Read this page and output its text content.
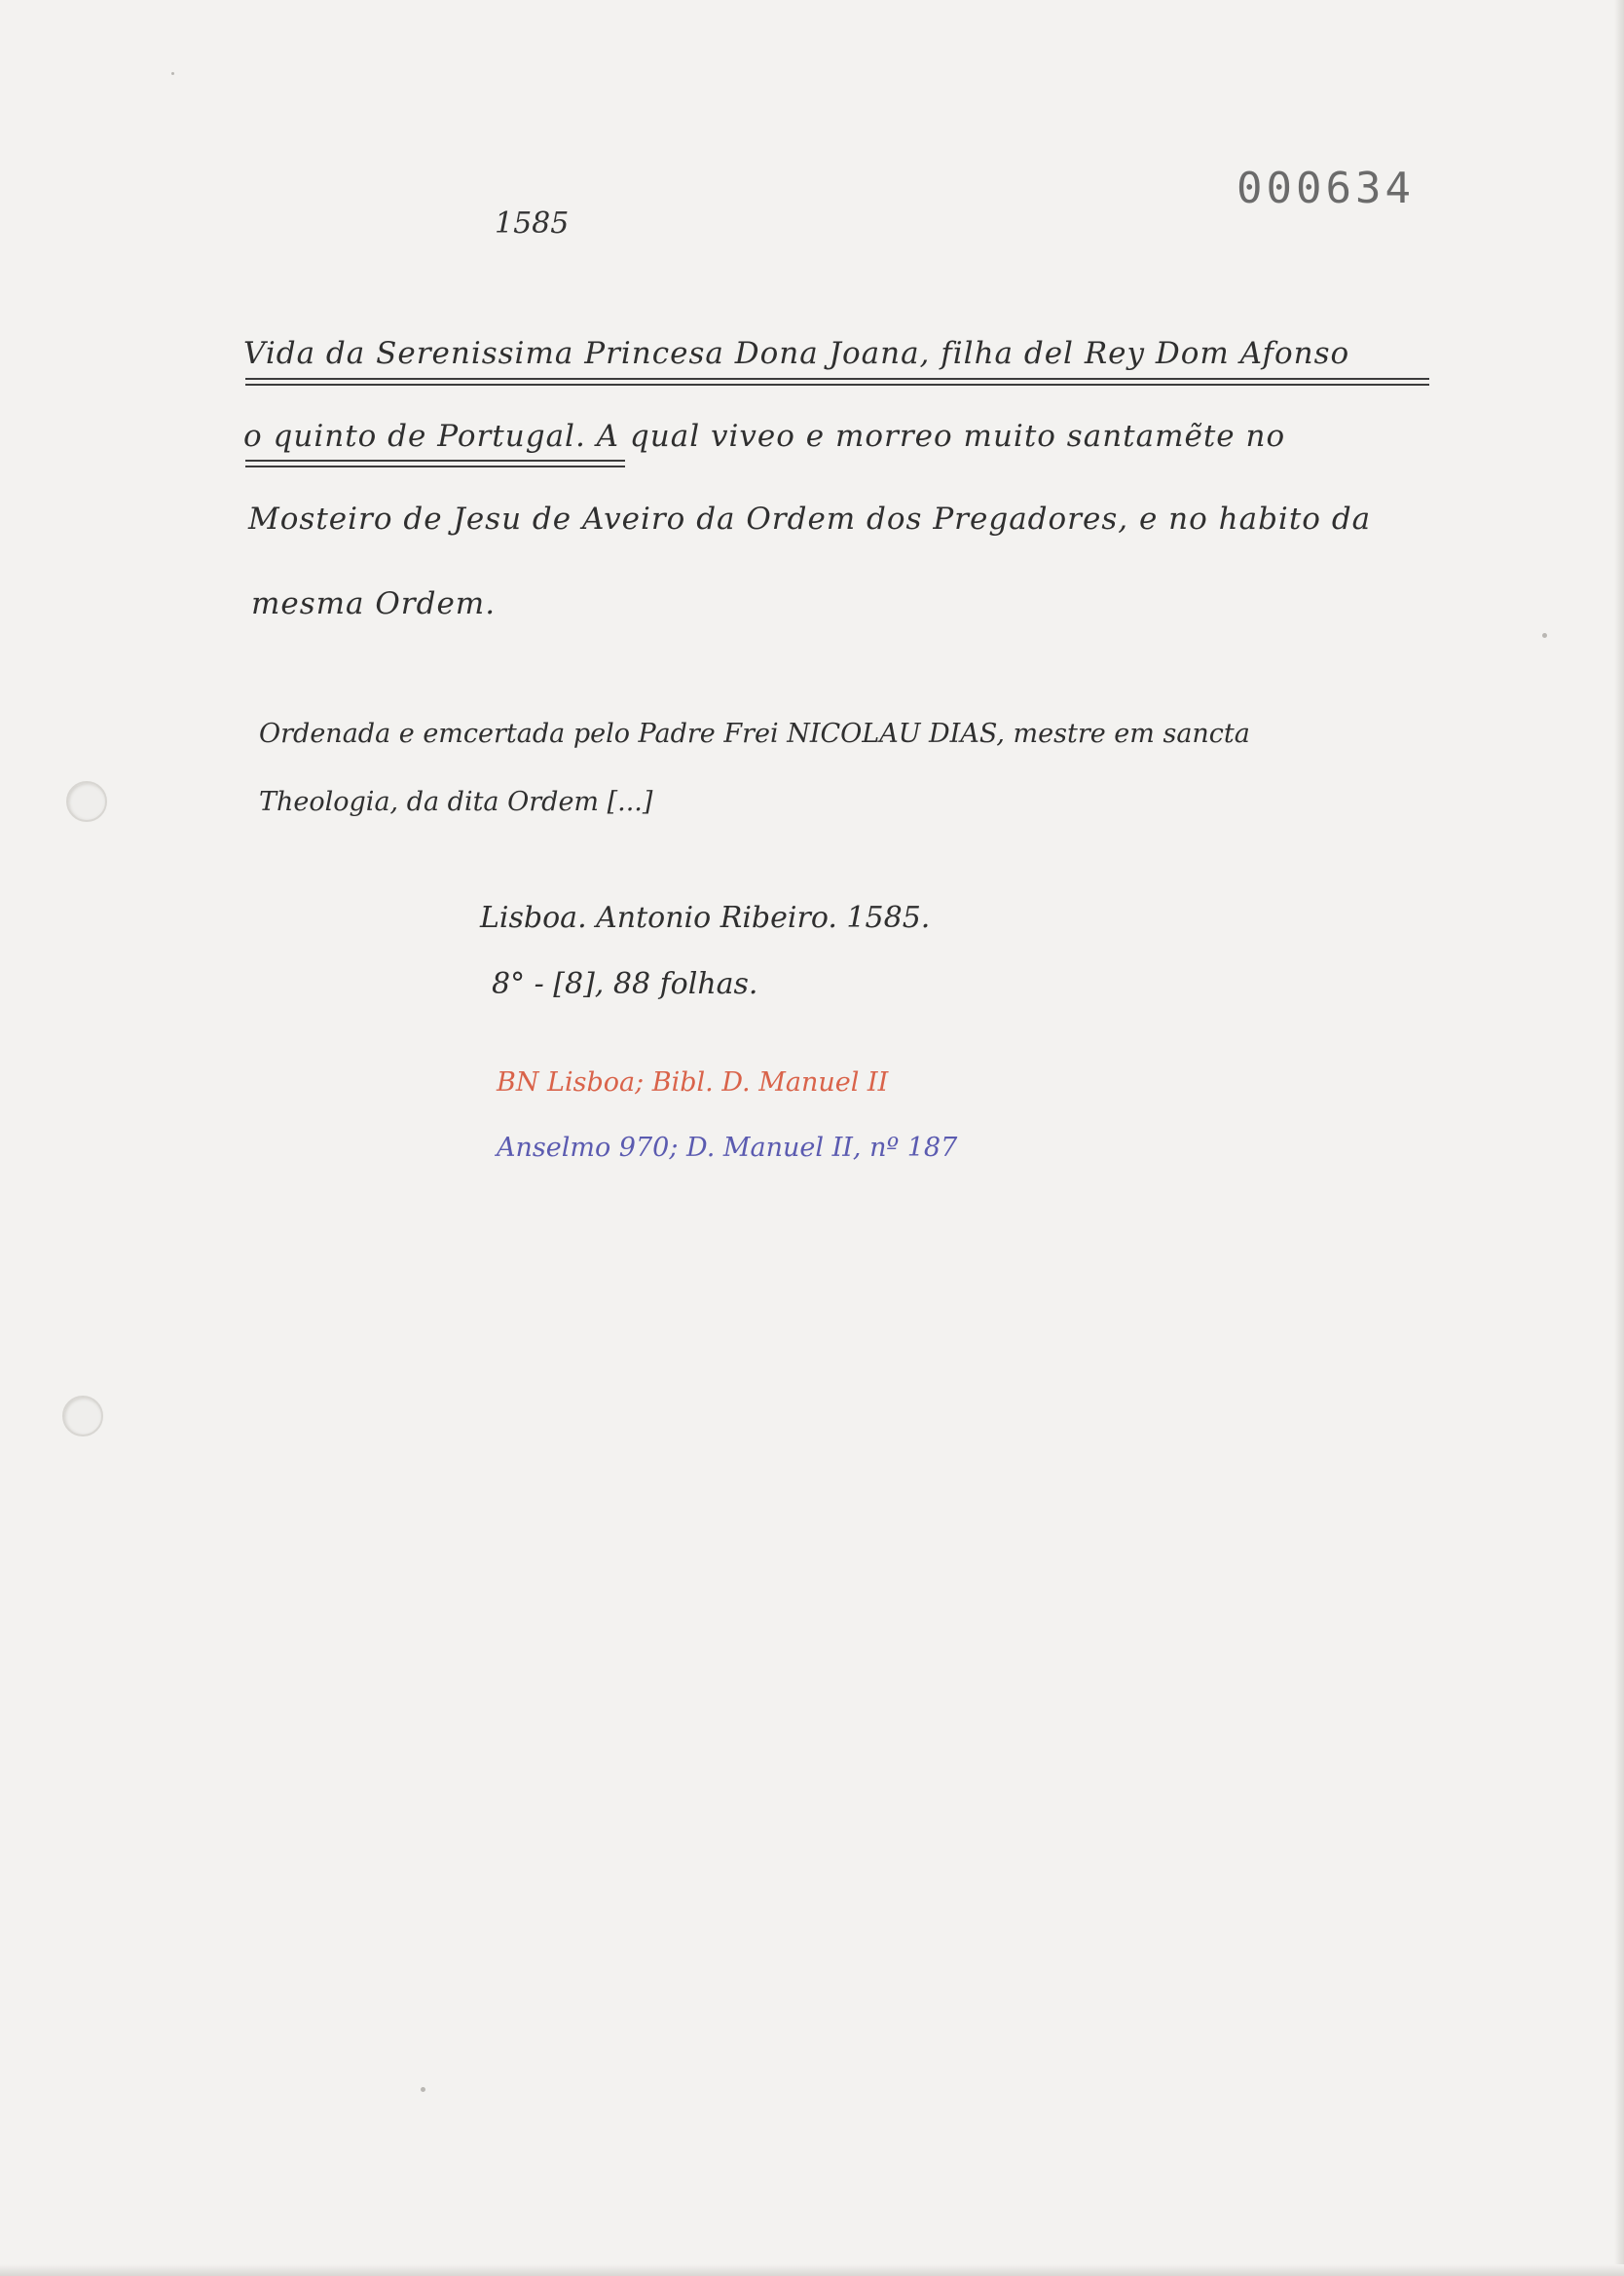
1585
000634
Vida da Serenissima Princesa Dona Joana, filha del Rey Dom Afonso
o quinto de Portugal. A qual viveo e morreo muito santamẽte no
Mosteiro de Jesu de Aveiro da Ordem dos Pregadores, e no habito da
mesma Ordem.
Ordenada e emcertada pelo Padre Frei NICOLAU DIAS, mestre em sancta
Theologia, da dita Ordem [...]
Lisboa. Antonio Ribeiro. 1585.
8° - [8], 88 folhas.
BN Lisboa; Bibl. D. Manuel II
Anselmo 970; D. Manuel II, nº 187
